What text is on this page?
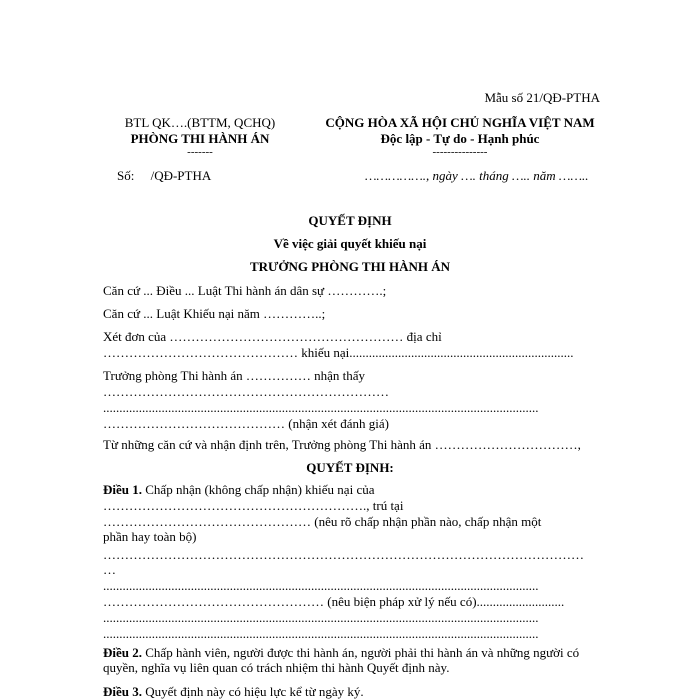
Mẫu số 21/QĐ-PTHA
BTL QK….(BTTM, QCHQ)
PHÒNG THI HÀNH ÁN
-------
Số:     /QĐ-PTHA
CỘNG HÒA XÃ HỘI CHỦ NGHĨA VIỆT NAM
Độc lập - Tự do - Hạnh phúc
---------------
……………., ngày …. tháng ….. năm ……..
QUYẾT ĐỊNH
Về việc giải quyết khiếu nại
TRƯỞNG PHÒNG THI HÀNH ÁN
Căn cứ ... Điều ... Luật Thi hành án dân sự ………….;
Căn cứ ... Luật Khiếu nại năm …………..;
Xét đơn của ……………………………………………… địa chỉ
……………………………………… khiếu nại.....................................................................
Trưởng phòng Thi hành án …………… nhận thấy
…………………………………………………………
......................................................................................................................................
…………………………………… (nhận xét đánh giá)
Từ những căn cứ và nhận định trên, Trưởng phòng Thi hành án ……………………………,
QUYẾT ĐỊNH:
Điều 1. Chấp nhận (không chấp nhận) khiếu nại của
……………………………………………………., trú tại
………………………………………… (nêu rõ chấp nhận phần nào, chấp nhận một
phần hay toàn bộ)
…………………………………………………………………………………………………
…
......................................................................................................................................
…………………………………………… (nêu biện pháp xử lý nếu có)...........................
......................................................................................................................................
......................................................................................................................................
Điều 2. Chấp hành viên, người được thi hành án, người phải thi hành án và những người có quyền, nghĩa vụ liên quan có trách nhiệm thi hành Quyết định này.
Điều 3. Quyết định này có hiệu lực kể từ ngày ký.
